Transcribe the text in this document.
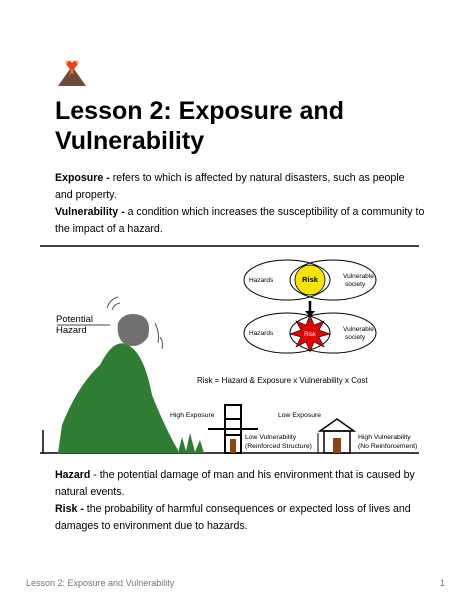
Lesson 2: Exposure and Vulnerability

Exposure - refers to which is affected by natural disasters, such as people and property.

Vulnerability - a condition which increases the susceptibility of a community to the impact of a hazard.

Potential
Hazard
Hazards	Risk	Vulnerable
society
Hazards	Risk
Vulnerable
society
Risk = Hazard & Exposure x Vulnerability x Cost
High Exposure	Low Exposure
Low Vulnerability
(Reinforced Structure)
High Vulnerability
(No Reinforcement)

Hazard - the potential damage of man and his environment that is caused by natural events.

Risk - the probability of harmful consequences or expected loss of lives and damages to environment due to hazards.

Lesson 2: Exposure and Vulnerability	1
